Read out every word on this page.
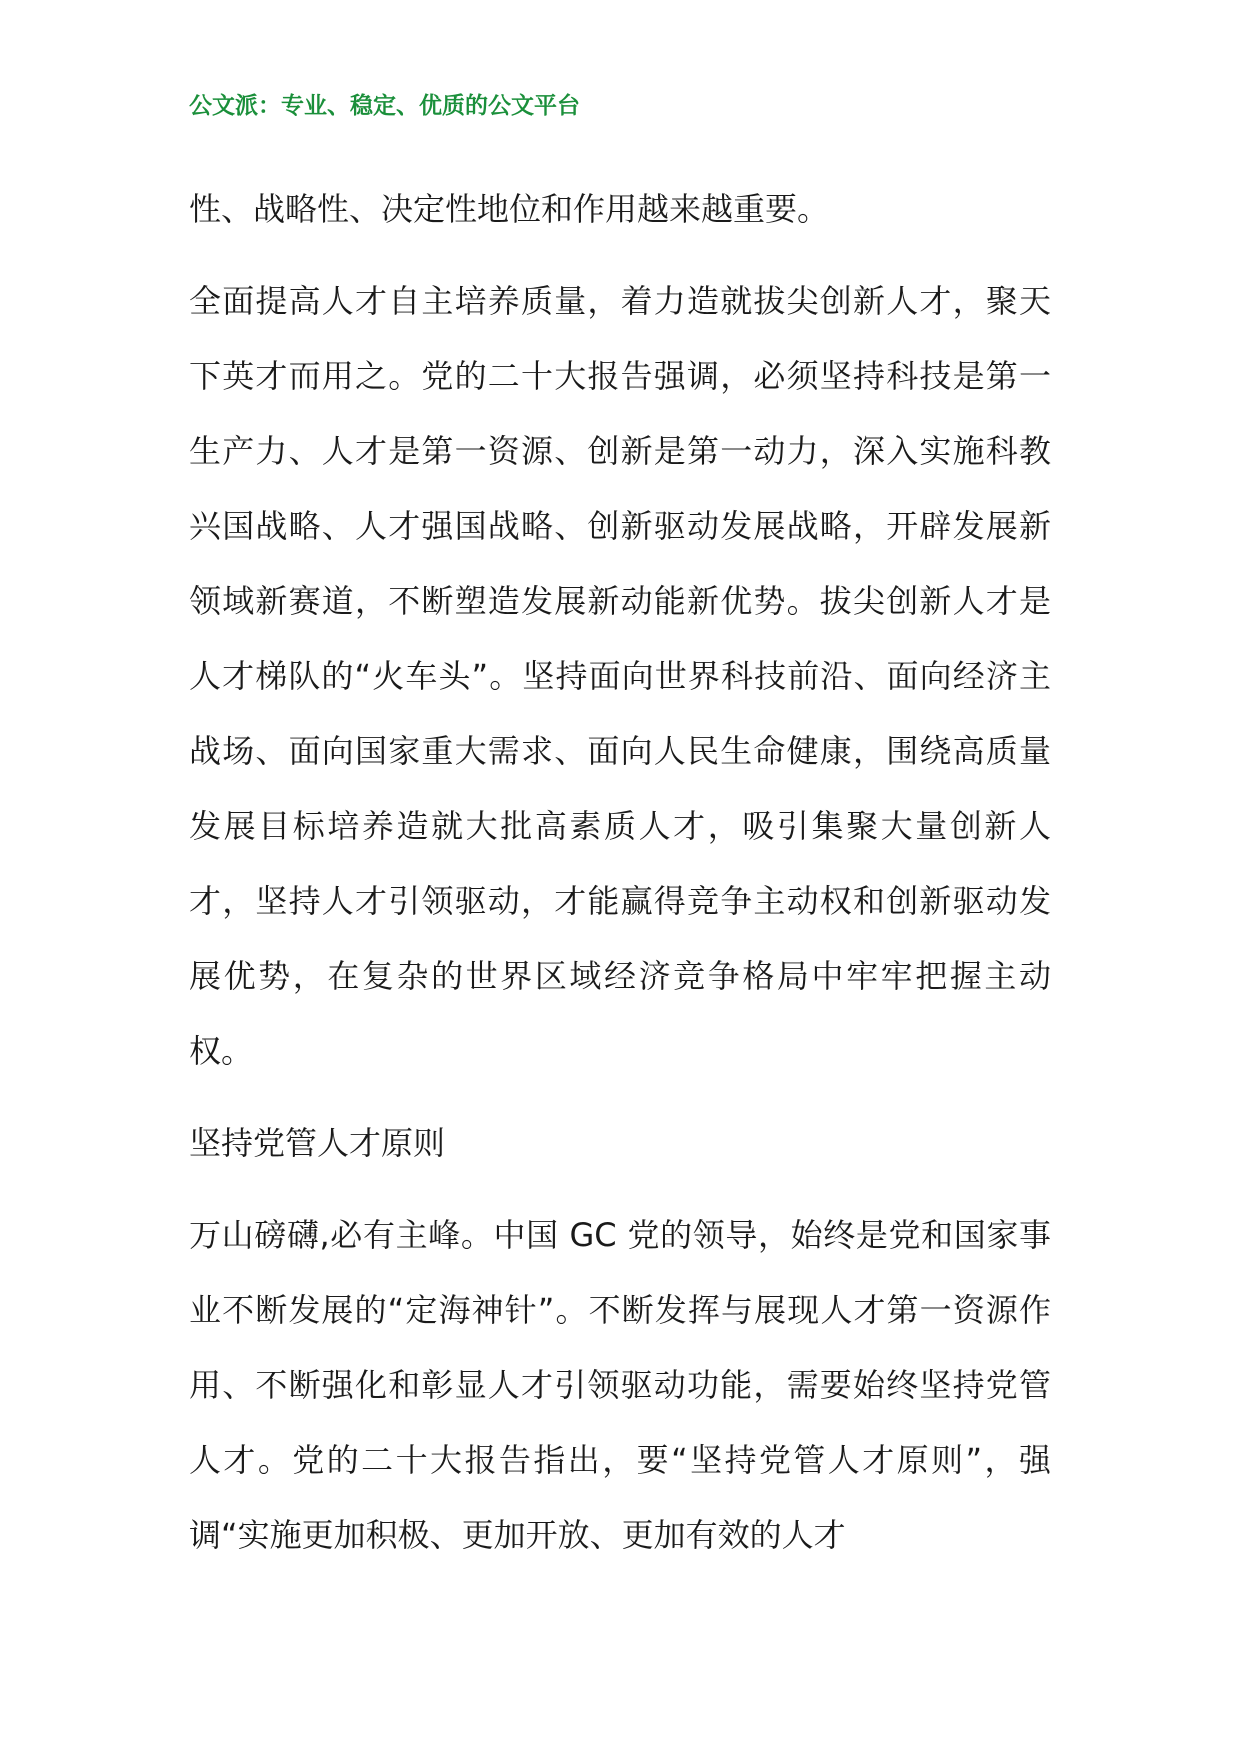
公文派：专业、稳定、优质的公文平台

性、战略性、决定性地位和作用越来越重要。

全面提高人才自主培养质量，着力造就拔尖创新人才，聚天下英才而用之。党的二十大报告强调，必须坚持科技是第一生产力、人才是第一资源、创新是第一动力，深入实施科教兴国战略、人才强国战略、创新驱动发展战略，开辟发展新领域新赛道，不断塑造发展新动能新优势。拔尖创新人才是人才梯队的“火车头”。坚持面向世界科技前沿、面向经济主战场、面向国家重大需求、面向人民生命健康，围绕高质量发展目标培养造就大批高素质人才，吸引集聚大量创新人才，坚持人才引领驱动，才能赢得竞争主动权和创新驱动发展优势，在复杂的世界区域经济竞争格局中牢牢把握主动权。

坚持党管人才原则

万山磅礴,必有主峰。中国 GC 党的领导，始终是党和国家事业不断发展的“定海神针”。不断发挥与展现人才第一资源作用、不断强化和彰显人才引领驱动功能，需要始终坚持党管人才。党的二十大报告指出，要“坚持党管人才原则”，强调“实施更加积极、更加开放、更加有效的人才
